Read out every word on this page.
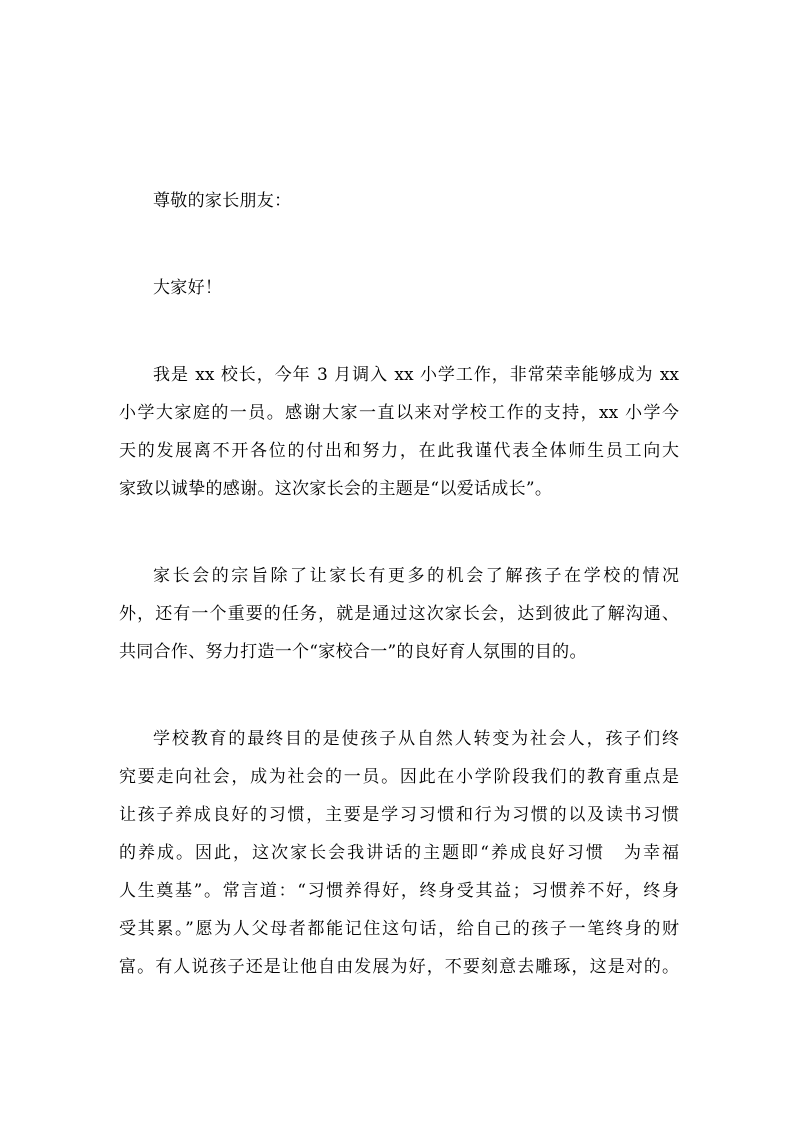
尊敬的家长朋友：
大家好！
我是 xx 校长，今年 3 月调入 xx 小学工作，非常荣幸能够成为 xx
小学大家庭的一员。感谢大家一直以来对学校工作的支持，xx 小学今
天的发展离不开各位的付出和努力，在此我谨代表全体师生员工向大
家致以诚挚的感谢。这次家长会的主题是“以爱话成长”。
家长会的宗旨除了让家长有更多的机会了解孩子在学校的情况
外，还有一个重要的任务，就是通过这次家长会，达到彼此了解沟通、
共同合作、努力打造一个“家校合一”的良好育人氛围的目的。
学校教育的最终目的是使孩子从自然人转变为社会人，孩子们终
究要走向社会，成为社会的一员。因此在小学阶段我们的教育重点是
让孩子养成良好的习惯，主要是学习习惯和行为习惯的以及读书习惯
的养成。因此，这次家长会我讲话的主题即“养成良好习惯　为幸福
人生奠基”。常言道：“习惯养得好，终身受其益；习惯养不好，终身
受其累。”愿为人父母者都能记住这句话，给自己的孩子一笔终身的财
富。有人说孩子还是让他自由发展为好，不要刻意去雕琢，这是对的。
